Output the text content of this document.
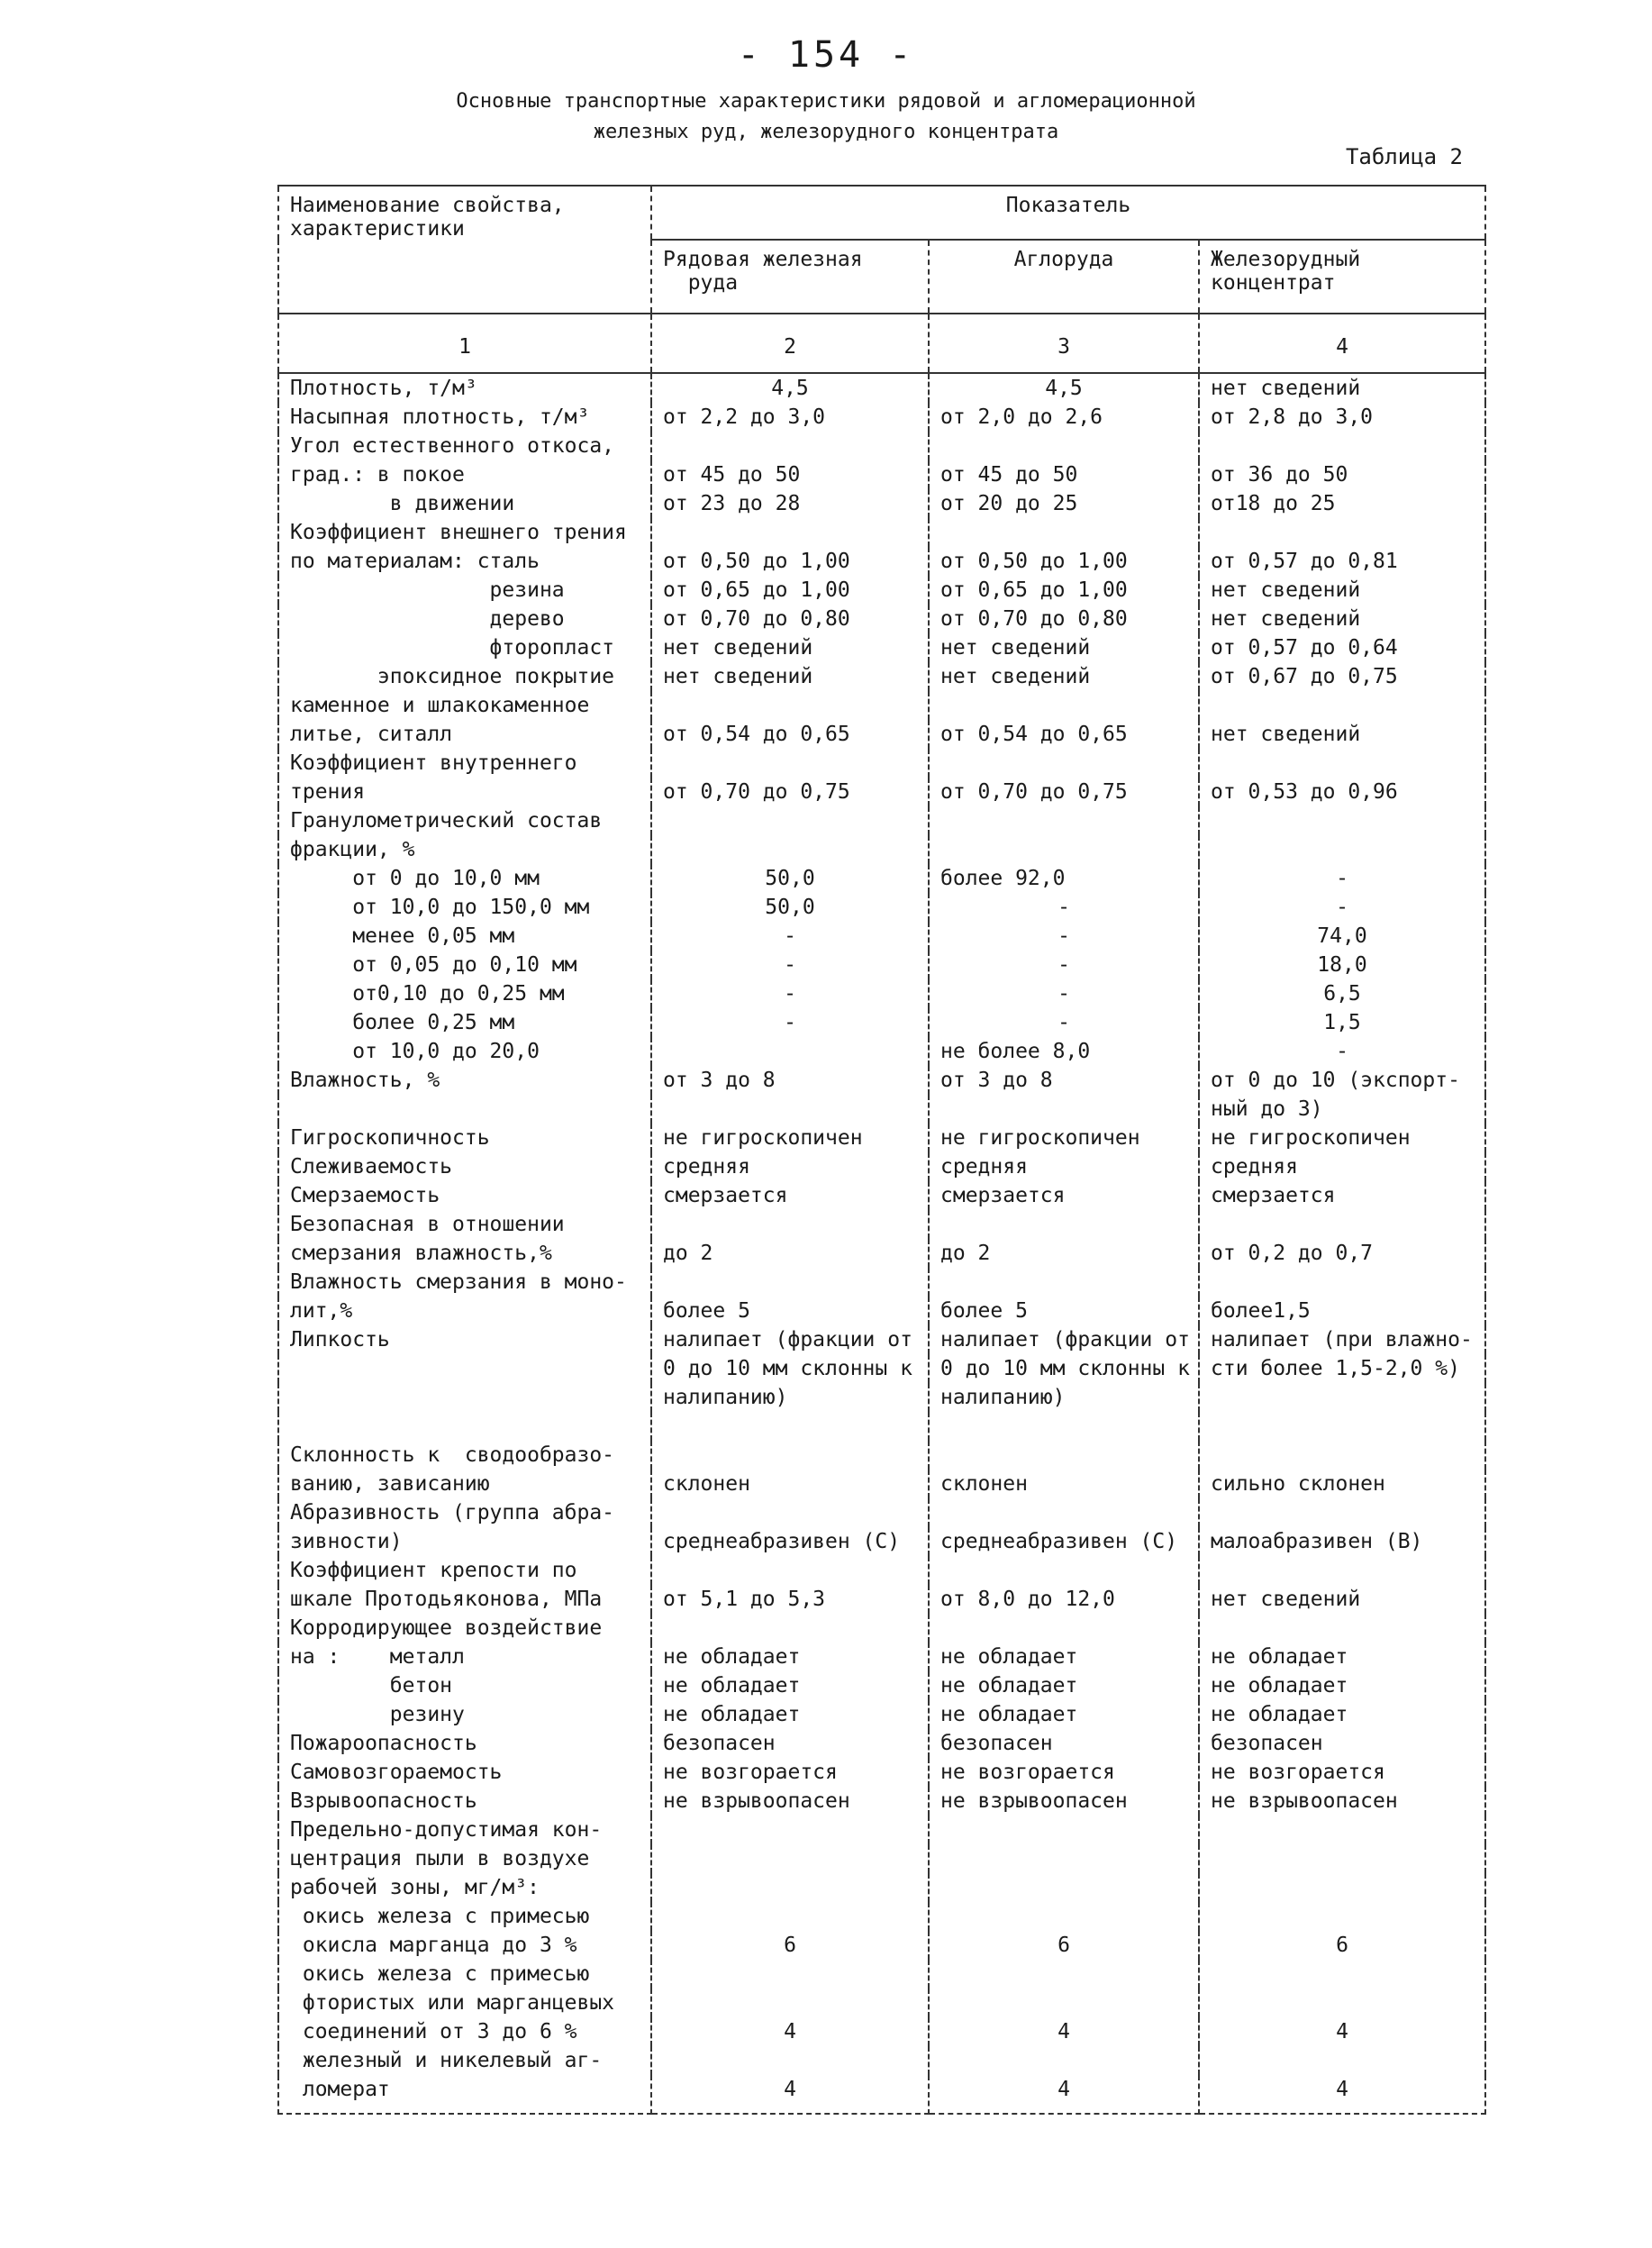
- 154 -
Основные транспортные характеристики рядовой и агломерационной
железных руд, железорудного концентрата
Таблица 2
Наименование свойства,
характеристики	Показатель		
	Рядовая железная
руда	Аглоруда	Железорудный
концентрат
1	2	3	4
Плотность, т/м³	4,5	4,5	нет сведений
Насыпная плотность, т/м³	от 2,2 до 3,0	от 2,0 до 2,6	от 2,8 до 3,0
Угол естественного откоса,			
град.: в покое	от 45 до 50	от 45 до 50	от 36 до 50
в движении	от 23 до 28	от 20 до 25	от18 до 25
Коэффициент внешнего трения			
по материалам: сталь	от 0,50 до 1,00	от 0,50 до 1,00	от 0,57 до 0,81
резина	от 0,65 до 1,00	от 0,65 до 1,00	нет сведений
дерево	от 0,70 до 0,80	от 0,70 до 0,80	нет сведений
фторопласт	нет сведений	нет сведений	от 0,57 до 0,64
эпоксидное покрытие	нет сведений	нет сведений	от 0,67 до 0,75
каменное и шлакокаменное			
литье, ситалл	от 0,54 до 0,65	от 0,54 до 0,65	нет сведений
Коэффициент внутреннего			
трения	от 0,70 до 0,75	от 0,70 до 0,75	от 0,53 до 0,96
Гранулометрический состав			
фракции, %			
от 0 до 10,0 мм	50,0	более 92,0	-
от 10,0 до 150,0 мм	50,0	-	-
менее 0,05 мм	-	-	74,0
от 0,05 до 0,10 мм	-	-	18,0
от0,10 до 0,25 мм	-	-	6,5
более 0,25 мм	-	-	1,5
от 10,0 до 20,0		не более 8,0	-
Влажность, %	от 3 до 8	от 3 до 8	от 0 до 10 (экспорт-
			ный до 3)
Гигроскопичность	не гигроскопичен	не гигроскопичен	не гигроскопичен
Слеживаемость	средняя	средняя	средняя
Смерзаемость	смерзается	смерзается	смерзается
Безопасная в отношении			
смерзания влажность,%	до 2	до 2	от 0,2 до 0,7
Влажность смерзания в моно-			
лит,%	более 5	более 5	более1,5
Липкость	налипает (фракции от	налипает (фракции от	налипает (при влажно-
	0 до 10 мм склонны к	0 до 10 мм склонны к	сти более 1,5-2,0 %)
	налипанию)	налипанию)	

Склонность к  сводообразо-			
ванию, зависанию	склонен	склонен	сильно склонен
Абразивность (группа абра-			
зивности)	среднеабразивен (С)	среднеабразивен (С)	малоабразивен (В)
Коэффициент крепости по			
шкале Протодьяконова, МПа	от 5,1 до 5,3	от 8,0 до 12,0	нет сведений
Корродирующее воздействие			
на :    металл	не обладает	не обладает	не обладает
бетон	не обладает	не обладает	не обладает
резину	не обладает	не обладает	не обладает
Пожароопасность	безопасен	безопасен	безопасен
Самовозгораемость	не возгорается	не возгорается	не возгорается
Взрывоопасность	не взрывоопасен	не взрывоопасен	не взрывоопасен
Предельно-допустимая кон-			
центрация пыли в воздухе			
рабочей зоны, мг/м³:			
окись железа с примесью			
окисла марганца до 3 %	6	6	6
окись железа с примесью			
фтористых или марганцевых			
соединений от 3 до 6 %	4	4	4
железный и никелевый аг-			
ломерат	4	4	4
